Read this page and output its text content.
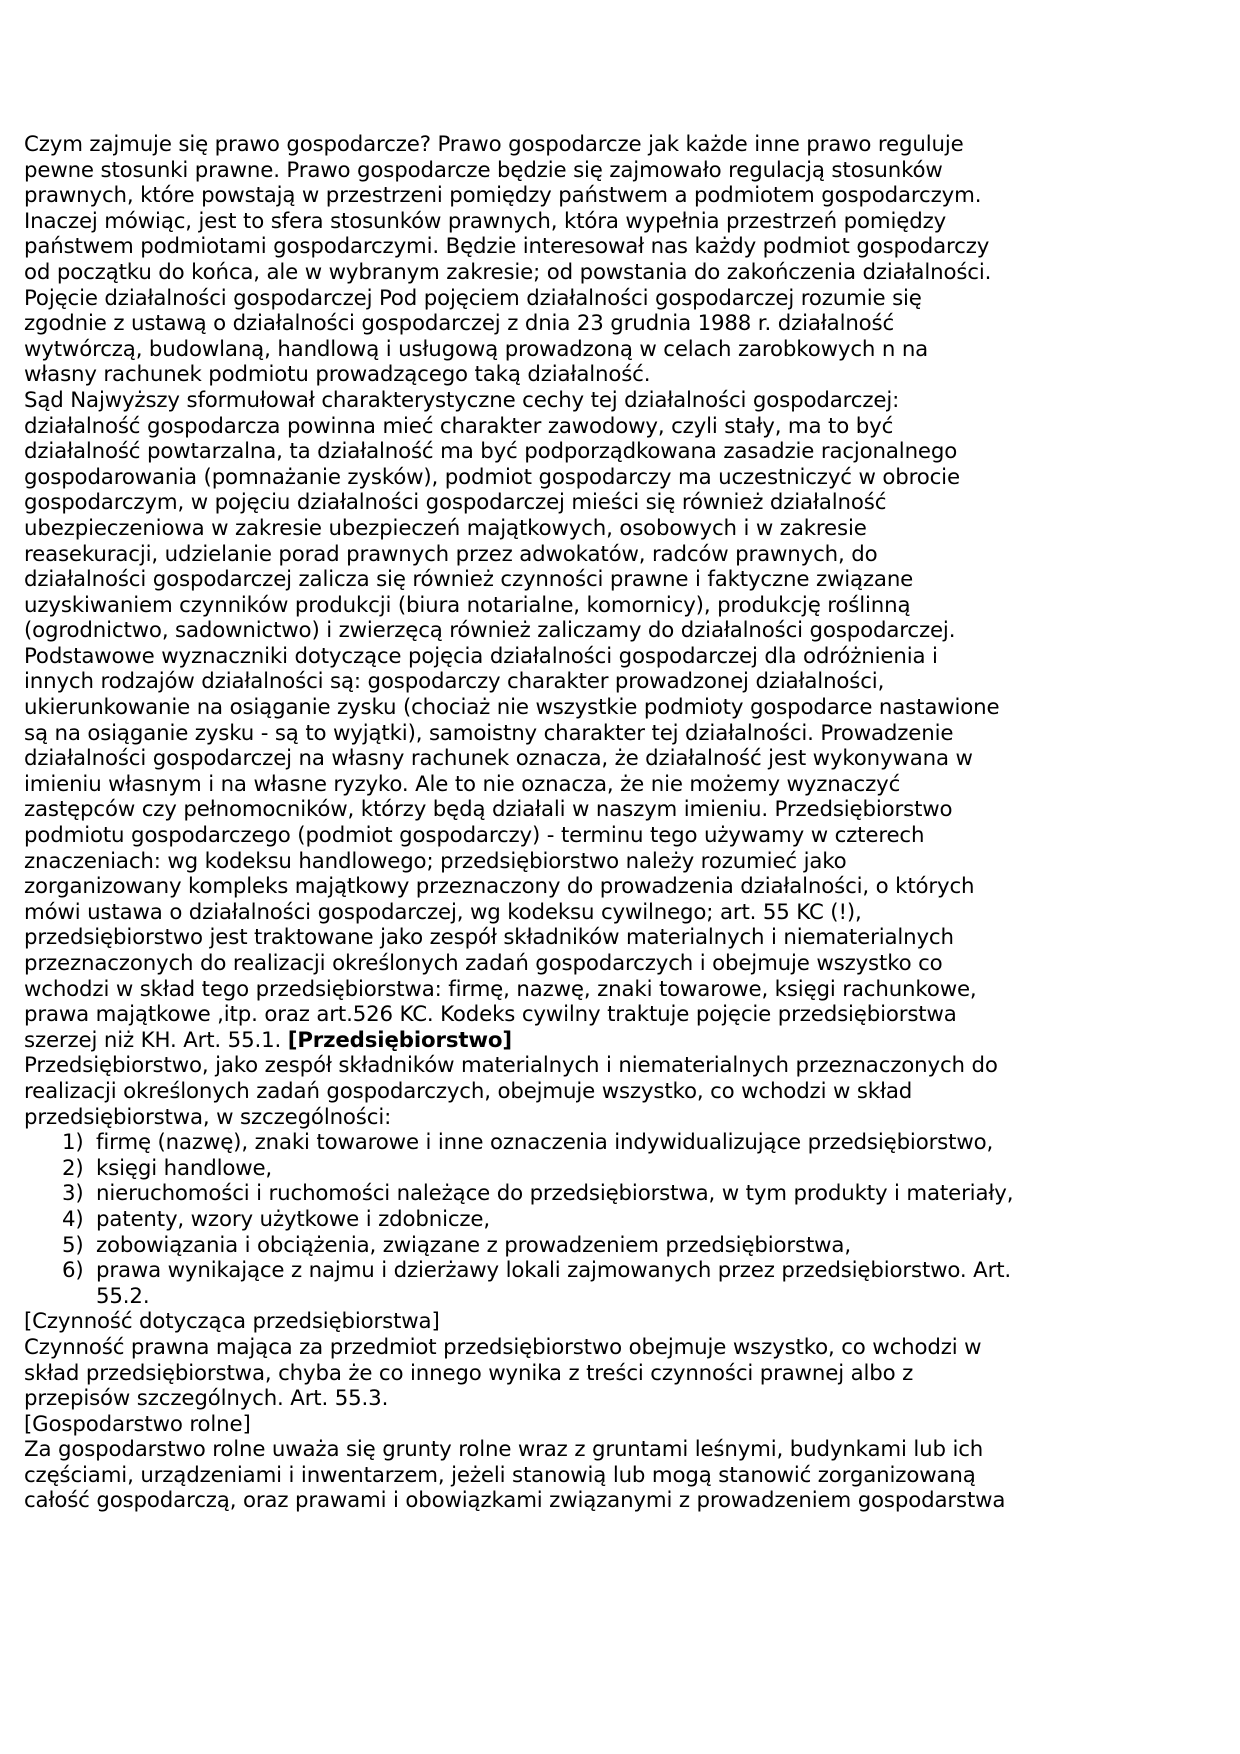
Czym zajmuje się prawo gospodarcze? Prawo gospodarcze jak każde inne prawo reguluje
pewne stosunki prawne. Prawo gospodarcze będzie się zajmowało regulacją stosunków
prawnych, które powstają w przestrzeni pomiędzy państwem a podmiotem gospodarczym.
Inaczej mówiąc, jest to sfera stosunków prawnych, która wypełnia przestrzeń pomiędzy
państwem podmiotami gospodarczymi. Będzie interesował nas każdy podmiot gospodarczy
od początku do końca, ale w wybranym zakresie; od powstania do zakończenia działalności.
Pojęcie działalności gospodarczej Pod pojęciem działalności gospodarczej rozumie się
zgodnie z ustawą o działalności gospodarczej z dnia 23 grudnia 1988 r. działalność
wytwórczą, budowlaną, handlową i usługową prowadzoną w celach zarobkowych n na
własny rachunek podmiotu prowadzącego taką działalność.
Sąd Najwyższy sformułował charakterystyczne cechy tej działalności gospodarczej:
działalność gospodarcza powinna mieć charakter zawodowy, czyli stały, ma to być
działalność powtarzalna, ta działalność ma być podporządkowana zasadzie racjonalnego
gospodarowania (pomnażanie zysków), podmiot gospodarczy ma uczestniczyć w obrocie
gospodarczym, w pojęciu działalności gospodarczej mieści się również działalność
ubezpieczeniowa w zakresie ubezpieczeń majątkowych, osobowych i w zakresie
reasekuracji, udzielanie porad prawnych przez adwokatów, radców prawnych, do
działalności gospodarczej zalicza się również czynności prawne i faktyczne związane
uzyskiwaniem czynników produkcji (biura notarialne, komornicy), produkcję roślinną
(ogrodnictwo, sadownictwo) i zwierzęcą również zaliczamy do działalności gospodarczej.
Podstawowe wyznaczniki dotyczące pojęcia działalności gospodarczej dla odróżnienia i
innych rodzajów działalności są: gospodarczy charakter prowadzonej działalności,
ukierunkowanie na osiąganie zysku (chociaż nie wszystkie podmioty gospodarce nastawione
są na osiąganie zysku - są to wyjątki), samoistny charakter tej działalności. Prowadzenie
działalności gospodarczej na własny rachunek oznacza, że działalność jest wykonywana w
imieniu własnym i na własne ryzyko. Ale to nie oznacza, że nie możemy wyznaczyć
zastępców czy pełnomocników, którzy będą działali w naszym imieniu. Przedsiębiorstwo
podmiotu gospodarczego (podmiot gospodarczy) - terminu tego używamy w czterech
znaczeniach: wg kodeksu handlowego; przedsiębiorstwo należy rozumieć jako
zorganizowany kompleks majątkowy przeznaczony do prowadzenia działalności, o których
mówi ustawa o działalności gospodarczej, wg kodeksu cywilnego; art. 55 KC (!),
przedsiębiorstwo jest traktowane jako zespół składników materialnych i niematerialnych
przeznaczonych do realizacji określonych zadań gospodarczych i obejmuje wszystko co
wchodzi w skład tego przedsiębiorstwa: firmę, nazwę, znaki towarowe, księgi rachunkowe,
prawa majątkowe ,itp. oraz art.526 KC. Kodeks cywilny traktuje pojęcie przedsiębiorstwa
szerzej niż KH. Art. 55.1. [Przedsiębiorstwo]
Przedsiębiorstwo, jako zespół składników materialnych i niematerialnych przeznaczonych do
realizacji określonych zadań gospodarczych, obejmuje wszystko, co wchodzi w skład
przedsiębiorstwa, w szczególności:
1) firmę (nazwę), znaki towarowe i inne oznaczenia indywidualizujące przedsiębiorstwo,
2) księgi handlowe,
3) nieruchomości i ruchomości należące do przedsiębiorstwa, w tym produkty i materiały,
4) patenty, wzory użytkowe i zdobnicze,
5) zobowiązania i obciążenia, związane z prowadzeniem przedsiębiorstwa,
6) prawa wynikające z najmu i dzierżawy lokali zajmowanych przez przedsiębiorstwo. Art.
55.2.
[Czynność dotycząca przedsiębiorstwa]
Czynność prawna mająca za przedmiot przedsiębiorstwo obejmuje wszystko, co wchodzi w
skład przedsiębiorstwa, chyba że co innego wynika z treści czynności prawnej albo z
przepisów szczególnych. Art. 55.3.
[Gospodarstwo rolne]
Za gospodarstwo rolne uważa się grunty rolne wraz z gruntami leśnymi, budynkami lub ich
częściami, urządzeniami i inwentarzem, jeżeli stanowią lub mogą stanowić zorganizowaną
całość gospodarczą, oraz prawami i obowiązkami związanymi z prowadzeniem gospodarstwa
